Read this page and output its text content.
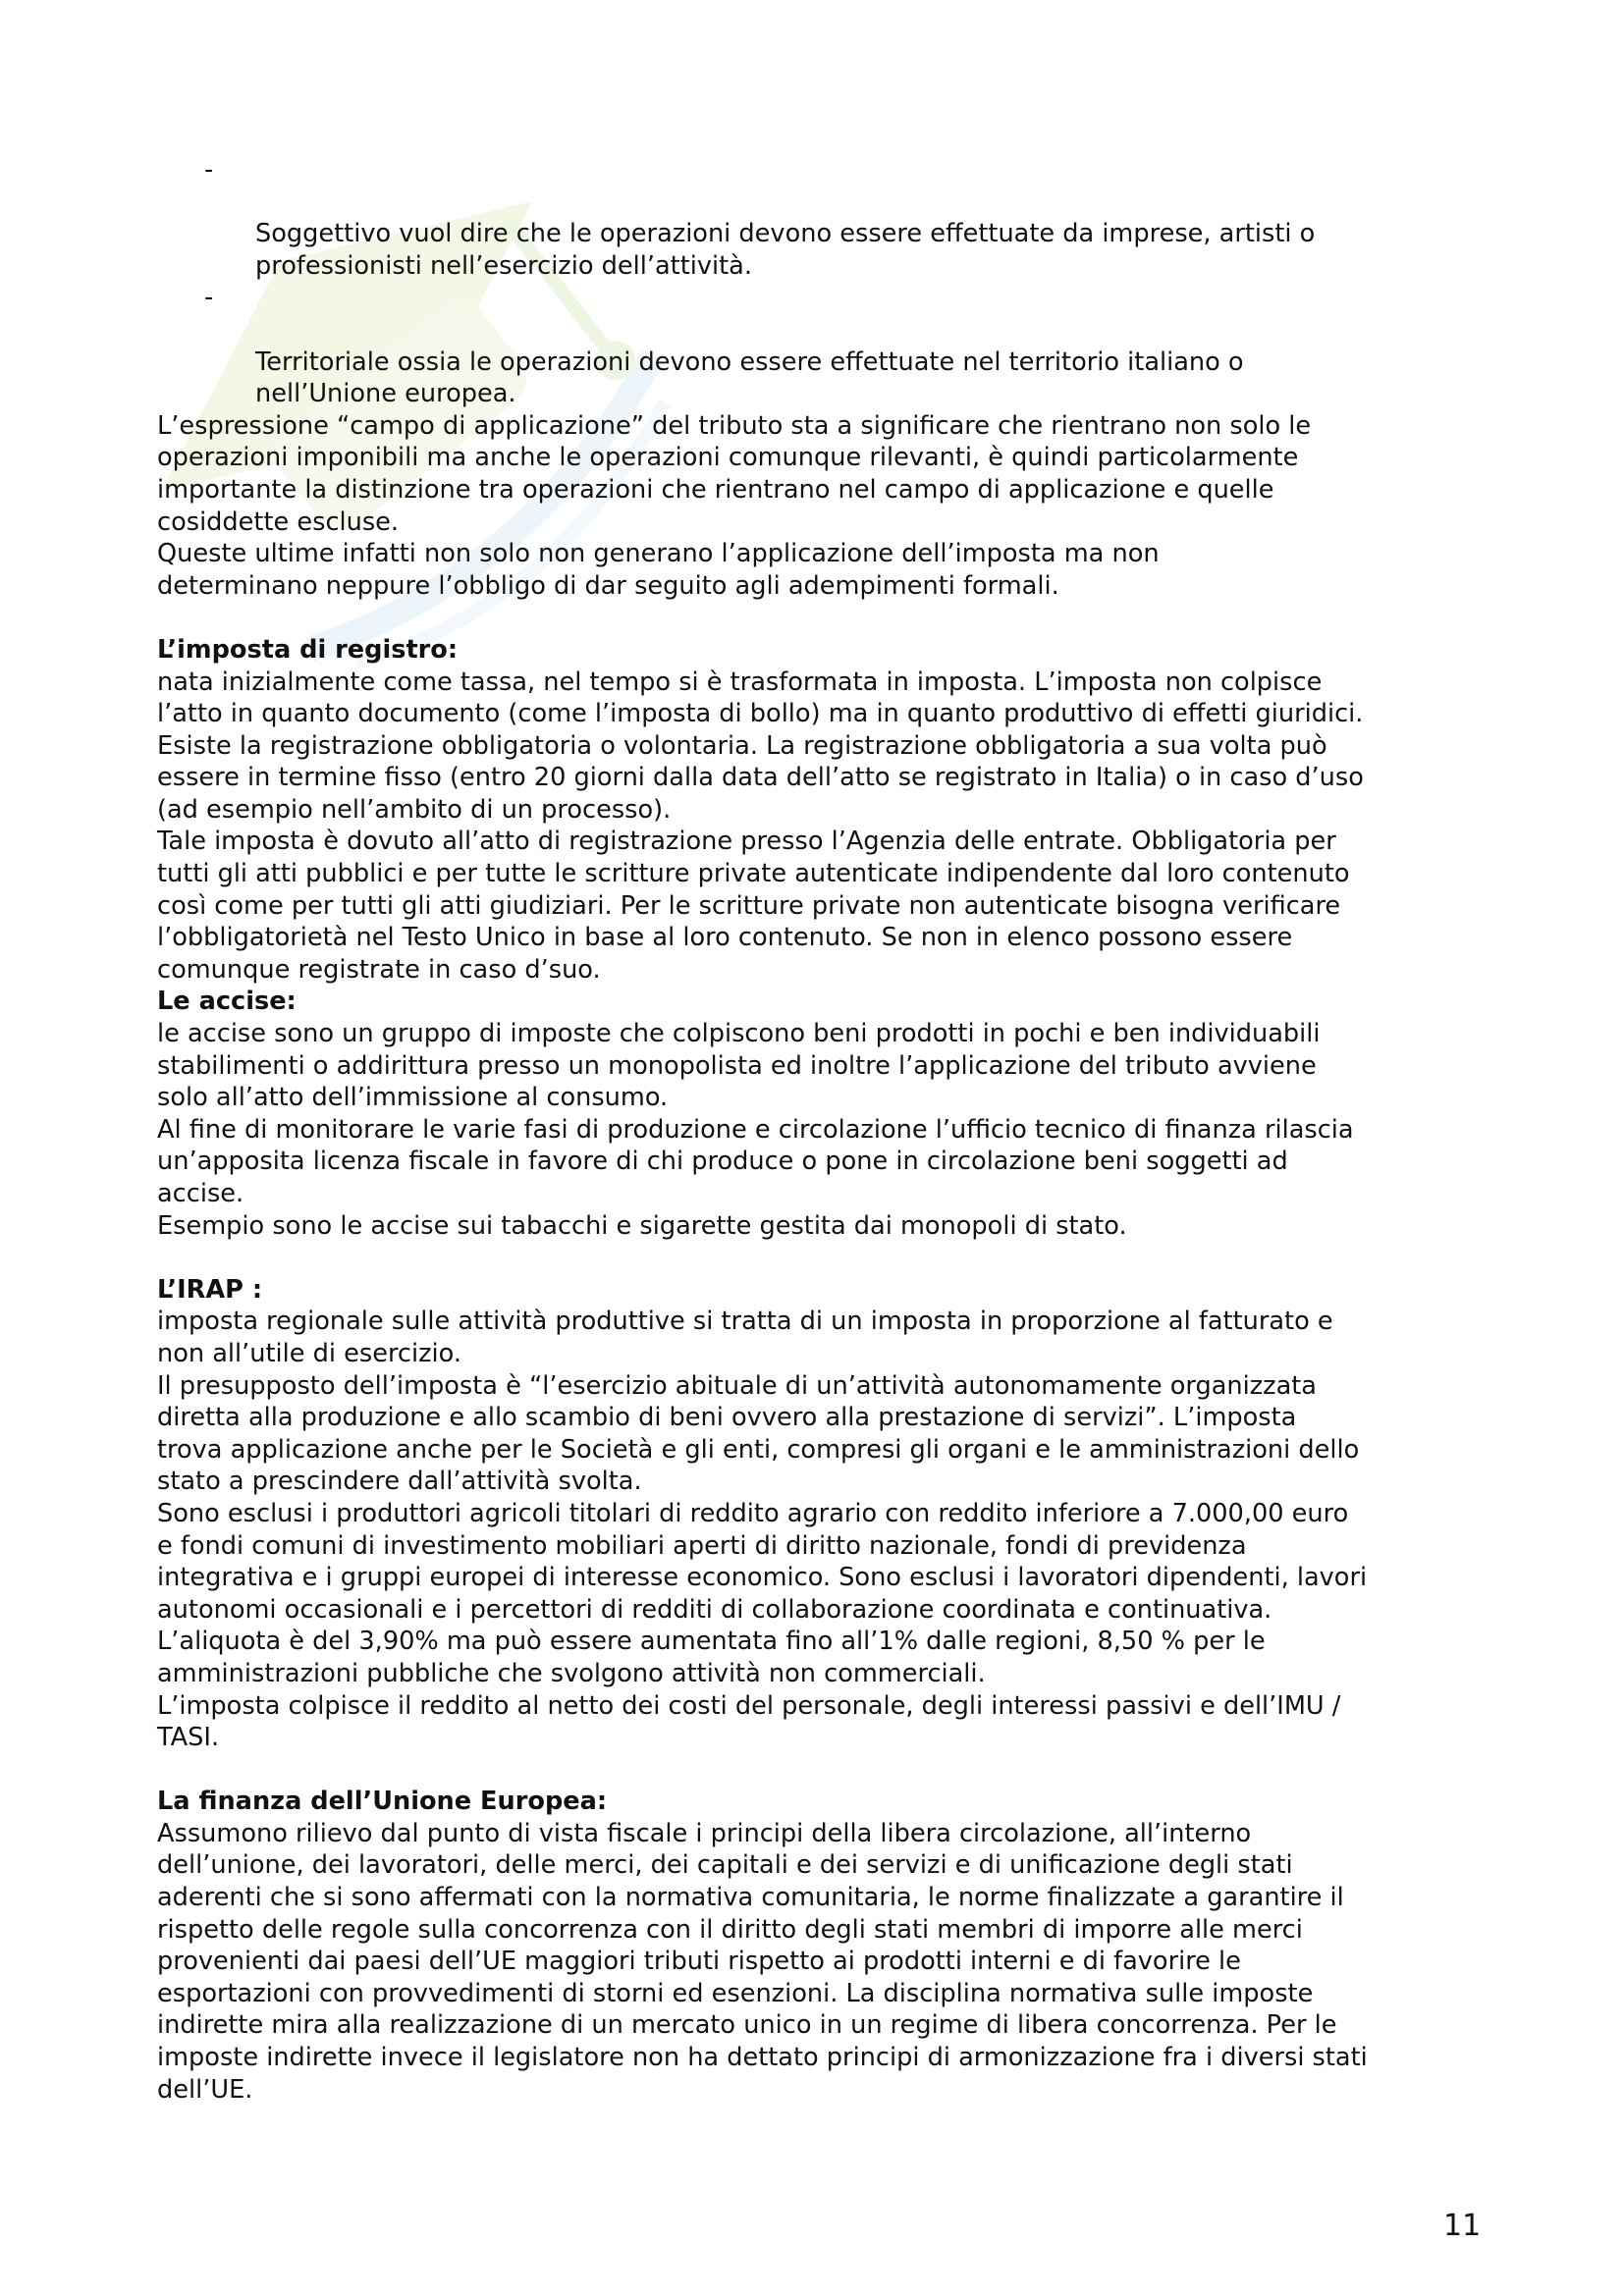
-

Soggettivo vuol dire che le operazioni devono essere effettuate da imprese, artisti o
professionisti nell’esercizio dell’attività.

-

Territoriale ossia le operazioni devono essere effettuate nel territorio italiano o
nell’Unione europea.

L’espressione “campo di applicazione” del tributo sta a significare che rientrano non solo le
operazioni imponibili ma anche le operazioni comunque rilevanti, è quindi particolarmente
importante la distinzione tra operazioni che rientrano nel campo di applicazione e quelle
cosiddette escluse.

Queste ultime infatti non solo non generano l’applicazione dell’imposta ma non
determinano neppure l’obbligo di dar seguito agli adempimenti formali.

L’imposta di registro:

nata inizialmente come tassa, nel tempo si è trasformata in imposta. L’imposta non colpisce
l’atto in quanto documento (come l’imposta di bollo) ma in quanto produttivo di effetti giuridici.
Esiste la registrazione obbligatoria o volontaria. La registrazione obbligatoria a sua volta può
essere in termine fisso (entro 20 giorni dalla data dell’atto se registrato in Italia) o in caso d’uso
(ad esempio nell’ambito di un processo).

Tale imposta è dovuto all’atto di registrazione presso l’Agenzia delle entrate. Obbligatoria per
tutti gli atti pubblici e per tutte le scritture private autenticate indipendente dal loro contenuto
così come per tutti gli atti giudiziari. Per le scritture private non autenticate bisogna verificare
l’obbligatorietà nel Testo Unico in base al loro contenuto. Se non in elenco possono essere
comunque registrate in caso d’suo.

Le accise:

le accise sono un gruppo di imposte che colpiscono beni prodotti in pochi e ben individuabili
stabilimenti o addirittura presso un monopolista ed inoltre l’applicazione del tributo avviene
solo all’atto dell’immissione al consumo.

Al fine di monitorare le varie fasi di produzione e circolazione l’ufficio tecnico di finanza rilascia
un’apposita licenza fiscale in favore di chi produce o pone in circolazione beni soggetti ad
accise.

Esempio sono le accise sui tabacchi e sigarette gestita dai monopoli di stato.

L’IRAP :

imposta regionale sulle attività produttive si tratta di un imposta in proporzione al fatturato e
non all’utile di esercizio.

Il presupposto dell’imposta è “l’esercizio abituale di un’attività autonomamente organizzata
diretta alla produzione e allo scambio di beni ovvero alla prestazione di servizi”. L’imposta
trova applicazione anche per le Società e gli enti, compresi gli organi e le amministrazioni dello
stato a prescindere dall’attività svolta.

Sono esclusi i produttori agricoli titolari di reddito agrario con reddito inferiore a 7.000,00 euro
e fondi comuni di investimento mobiliari aperti di diritto nazionale, fondi di previdenza
integrativa e i gruppi europei di interesse economico. Sono esclusi i lavoratori dipendenti, lavori
autonomi occasionali e i percettori di redditi di collaborazione coordinata e continuativa.

L’aliquota è del 3,90% ma può essere aumentata fino all’1% dalle regioni, 8,50 % per le
amministrazioni pubbliche che svolgono attività non commerciali.

L’imposta colpisce il reddito al netto dei costi del personale, degli interessi passivi e dell’IMU /
TASI.

La finanza dell’Unione Europea:

Assumono rilievo dal punto di vista fiscale i principi della libera circolazione, all’interno
dell’unione, dei lavoratori, delle merci, dei capitali e dei servizi e di unificazione degli stati
aderenti che si sono affermati con la normativa comunitaria, le norme finalizzate a garantire il
rispetto delle regole sulla concorrenza con il diritto degli stati membri di imporre alle merci
provenienti dai paesi dell’UE maggiori tributi rispetto ai prodotti interni e di favorire le
esportazioni con provvedimenti di storni ed esenzioni. La disciplina normativa sulle imposte
indirette mira alla realizzazione di un mercato unico in un regime di libera concorrenza. Per le
imposte indirette invece il legislatore non ha dettato principi di armonizzazione fra i diversi stati
dell’UE.

11
